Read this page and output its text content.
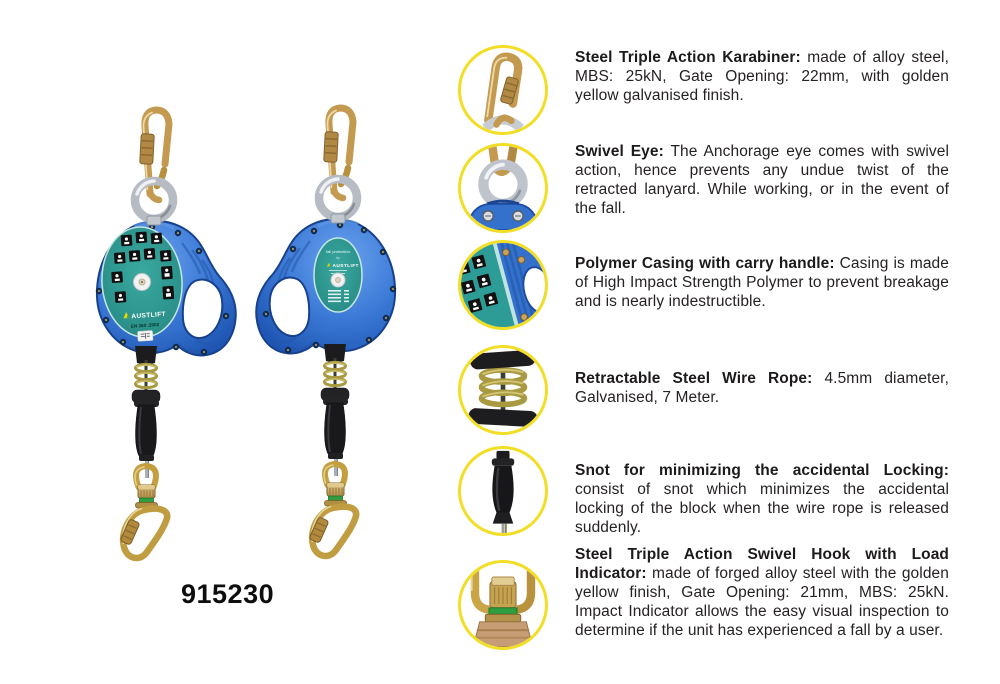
915230

Steel Triple Action Karabiner: made of alloy steel, MBS: 25kN, Gate Opening: 22mm, with golden yellow galvanised finish.

Swivel Eye: The Anchorage eye comes with swivel action, hence prevents any undue twist of the retracted lanyard. While working, or in the event of the fall.

Polymer Casing with carry handle: Casing is made of High Impact Strength Polymer to prevent breakage and is nearly indestructible.

Retractable Steel Wire Rope: 4.5mm diameter, Galvanised, 7 Meter.

Snot for minimizing the accidental Locking: consist of snot which minimizes the accidental locking of the block when the wire rope is released suddenly.

Steel Triple Action Swivel Hook with Load Indicator: made of forged alloy steel with the golden yellow finish, Gate Opening: 21mm, MBS: 25kN. Impact Indicator allows the easy visual inspection to determine if the unit has experienced a fall by a user.
